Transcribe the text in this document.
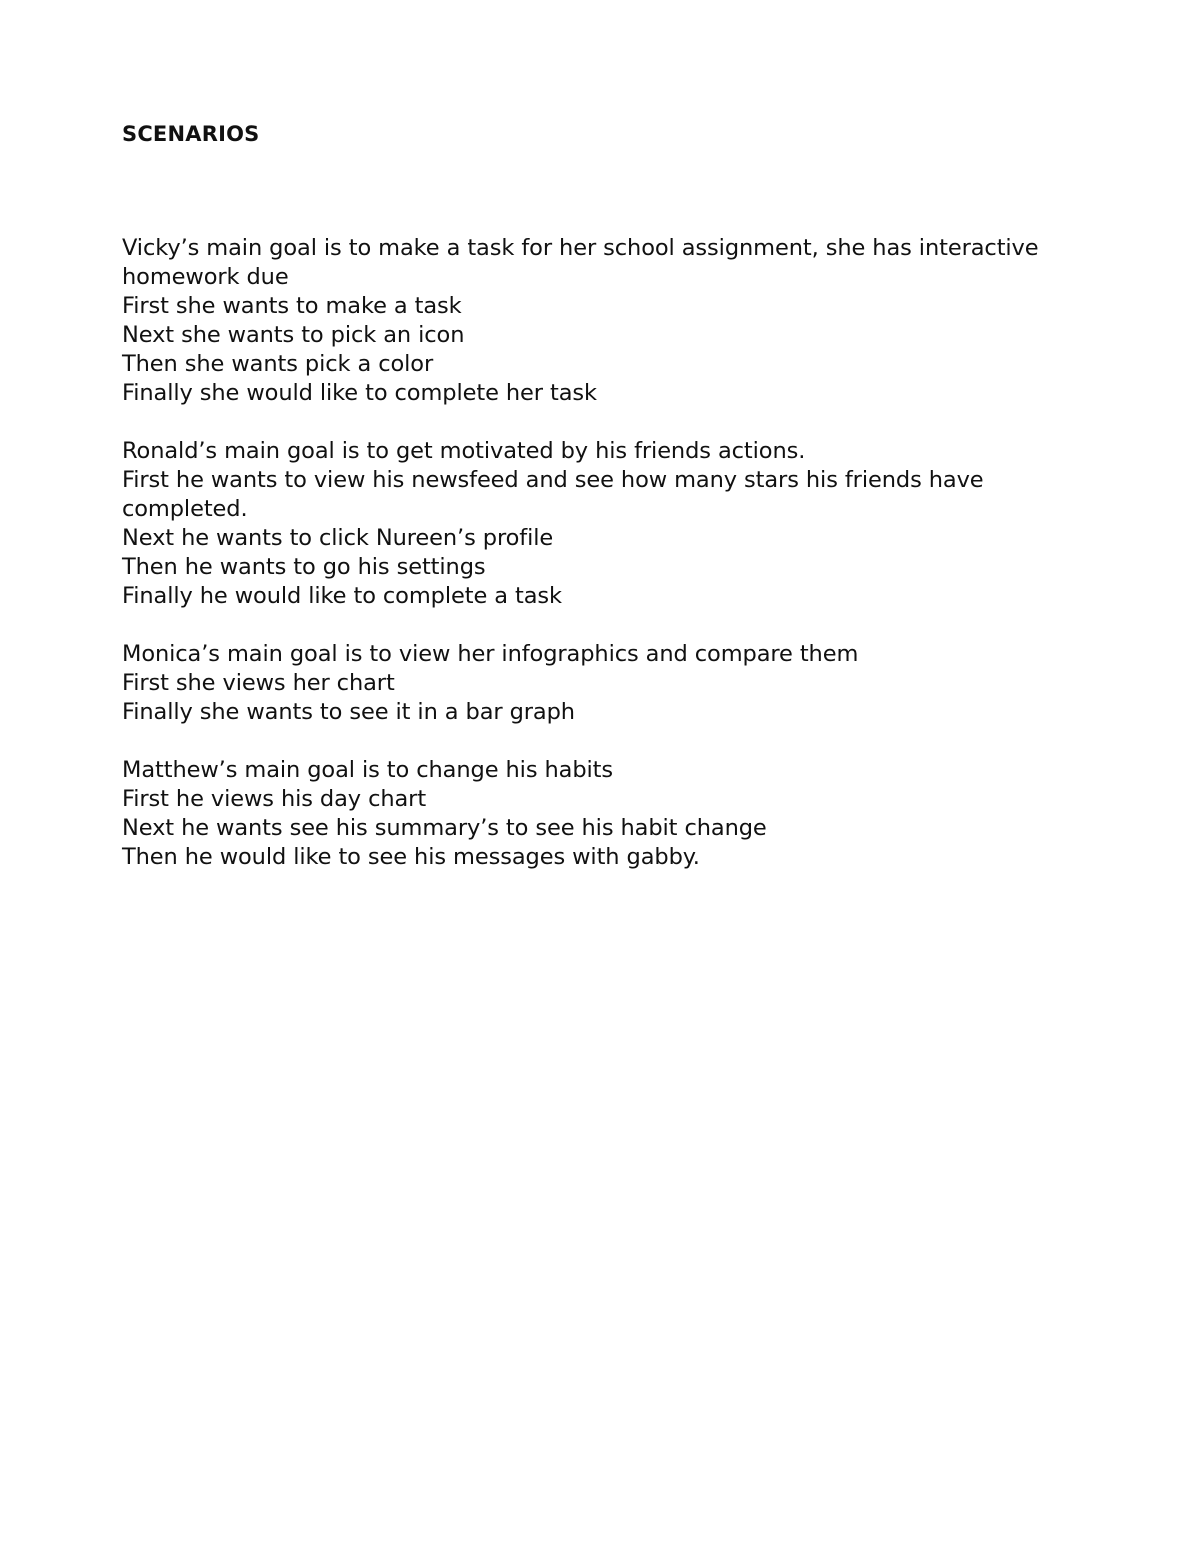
SCENARIOS
Vicky’s main goal is to make a task for her school assignment, she has interactive homework due
First she wants to make a task
Next she wants to pick an icon
Then she wants pick a color
Finally she would like to complete her task
Ronald’s main goal is to get motivated by his friends actions.
First he wants to view his newsfeed and see how many stars his friends have completed.
Next he wants to click Nureen’s profile
Then he wants to go his settings
Finally he would like to complete a task
Monica’s main goal is to view her infographics and compare them
First she views her chart
Finally she wants to see it in a bar graph
Matthew’s main goal is to change his habits
First he views his day chart
Next he wants see his summary’s to see his habit change
Then he would like to see his messages with gabby.
